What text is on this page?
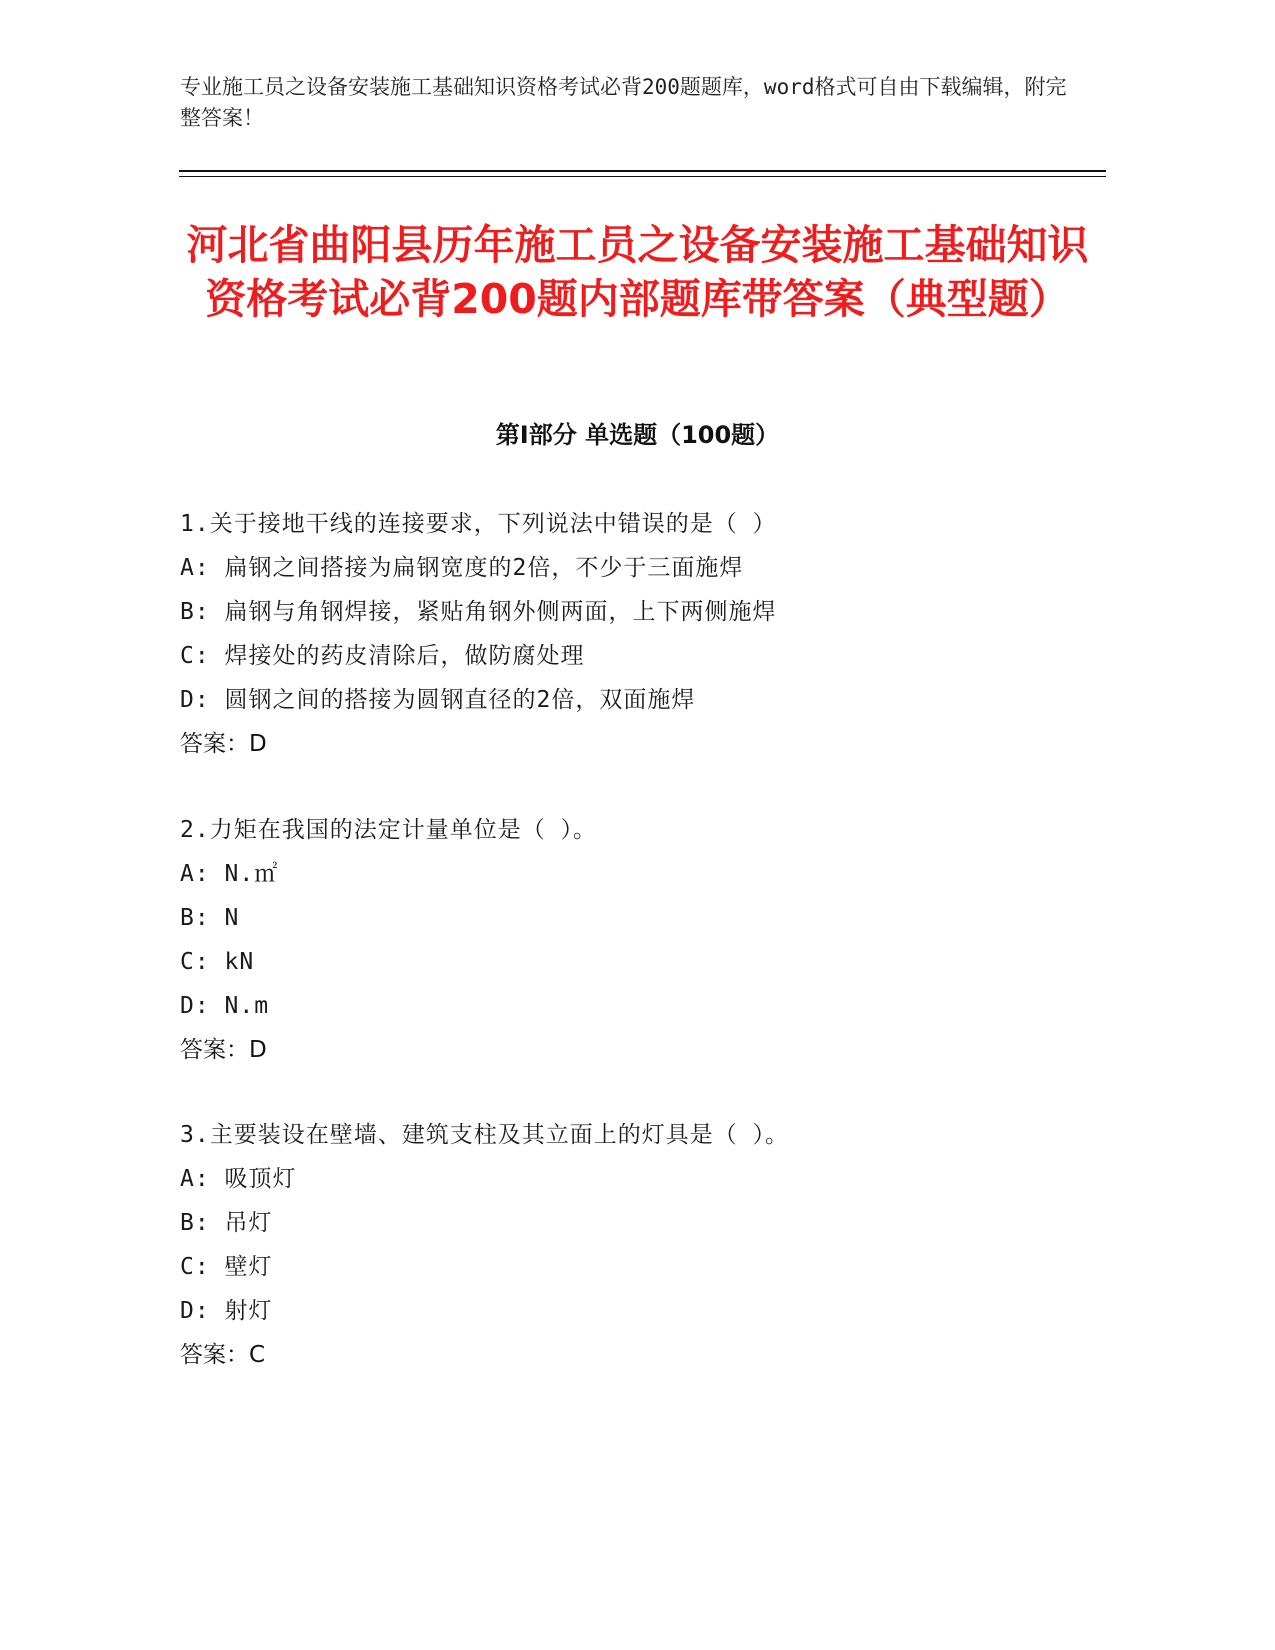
专业施工员之设备安装施工基础知识资格考试必背200题题库，word格式可自由下载编辑，附完整答案！
河北省曲阳县历年施工员之设备安装施工基础知识资格考试必背200题内部题库带答案（典型题）
第Ⅰ部分 单选题（100题）
1.关于接地干线的连接要求，下列说法中错误的是（ ）
A: 扁钢之间搭接为扁钢宽度的2倍，不少于三面施焊
B: 扁钢与角钢焊接，紧贴角钢外侧两面，上下两侧施焊
C: 焊接处的药皮清除后，做防腐处理
D: 圆钢之间的搭接为圆钢直径的2倍，双面施焊
答案：D
2.力矩在我国的法定计量单位是（ ）。
A: N.㎡
B: N
C: kN
D: N.m
答案：D
3.主要装设在壁墙、建筑支柱及其立面上的灯具是（ ）。
A: 吸顶灯
B: 吊灯
C: 壁灯
D: 射灯
答案：C
